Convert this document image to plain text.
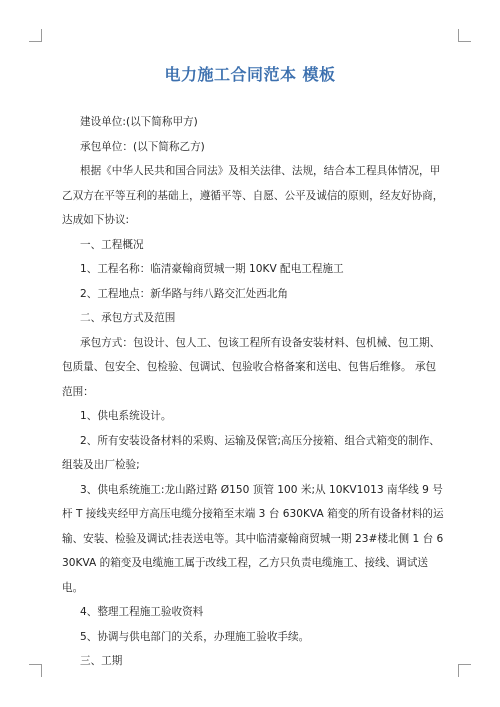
电力施工合同范本 模板

建设单位:(以下简称甲方)

承包单位：(以下简称乙方)

根据《中华人民共和国合同法》及相关法律、法规，结合本工程具体情况，甲乙双方在平等互利的基础上，遵循平等、自愿、公平及诚信的原则，经友好协商，达成如下协议:

一、工程概况

1、工程名称：临清豪翰商贸城一期 10KV 配电工程施工

2、工程地点：新华路与纬八路交汇处西北角

二、承包方式及范围

承包方式：包设计、包人工、包该工程所有设备安装材料、包机械、包工期、包质量、包安全、包检验、包调试、包验收合格备案和送电、包售后维修。 承包范围：

1、供电系统设计。

2、所有安装设备材料的采购、运输及保管;高压分接箱、组合式箱变的制作、组装及出厂检验;

3、供电系统施工:龙山路过路 Ø150 顶管 100 米;从 10KV1013 南华线 9 号杆 T 接线夹经甲方高压电缆分接箱至末端 3 台 630KVA 箱变的所有设备材料的运输、安装、检验及调试;挂表送电等。其中临清豪翰商贸城一期 23#楼北侧 1 台 630KVA 的箱变及电缆施工属于改线工程，乙方只负责电缆施工、接线、调试送电。

4、整理工程施工验收资料

5、协调与供电部门的关系，办理施工验收手续。

三、工期
